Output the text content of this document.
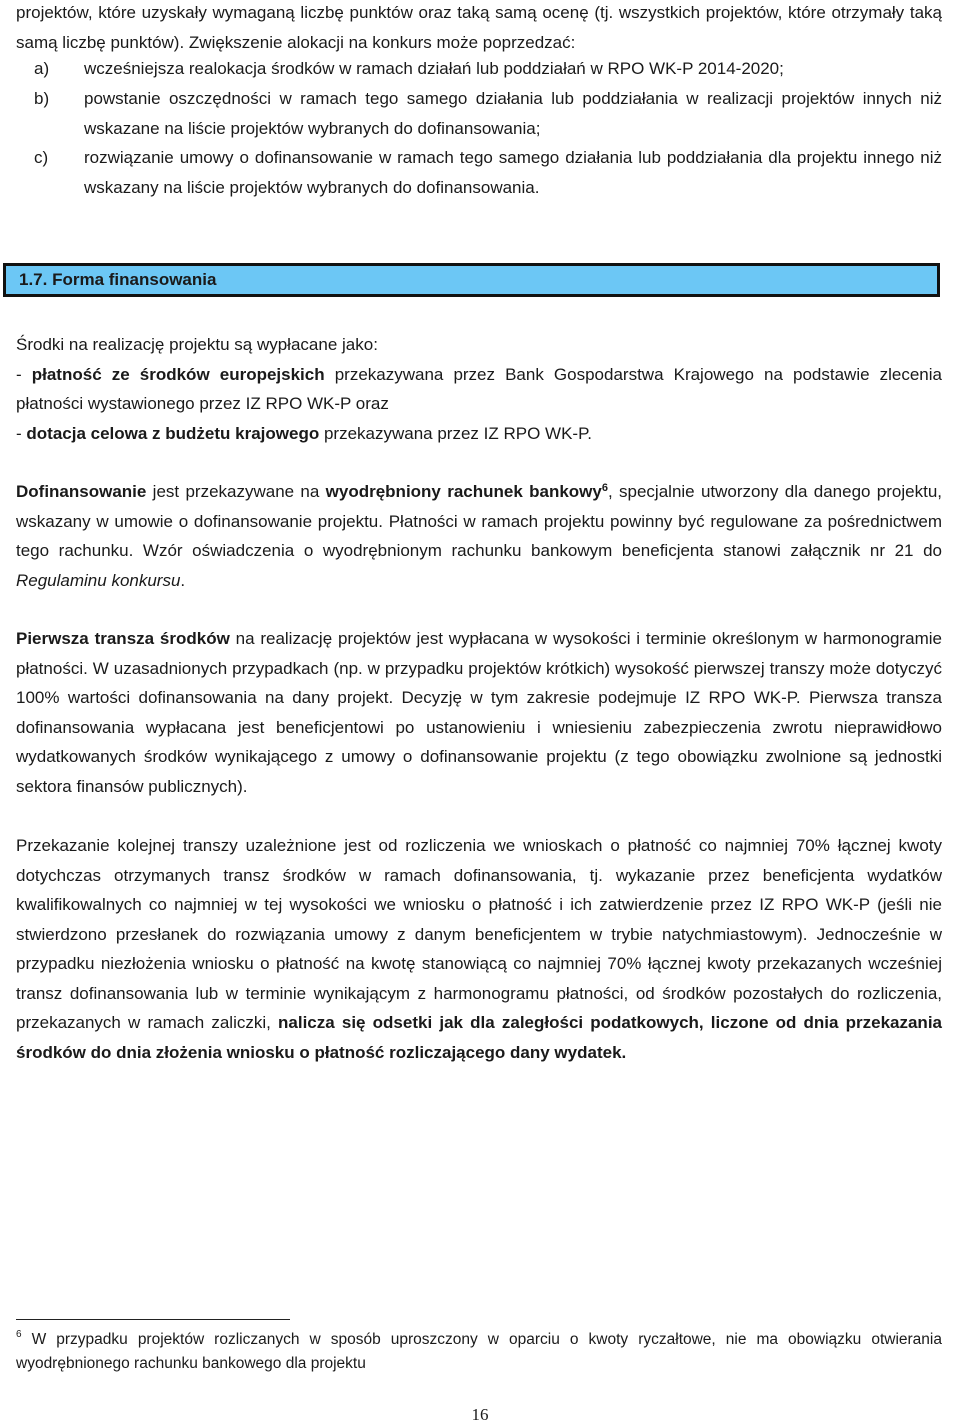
projektów, które uzyskały wymaganą liczbę punktów oraz taką samą ocenę (tj. wszystkich projektów, które otrzymały taką samą liczbę punktów). Zwiększenie alokacji na konkurs może poprzedzać:

a) wcześniejsza realokacja środków w ramach działań lub poddziałań w RPO WK-P 2014-2020;
b) powstanie oszczędności w ramach tego samego działania lub poddziałania w realizacji projektów innych niż wskazane na liście projektów wybranych do dofinansowania;
c) rozwiązanie umowy o dofinansowanie w ramach tego samego działania lub poddziałania dla projektu innego niż wskazany na liście projektów wybranych do dofinansowania.
1.7. Forma finansowania

Środki na realizację projektu są wypłacane jako:

- płatność ze środków europejskich przekazywana przez Bank Gospodarstwa Krajowego na podstawie zlecenia płatności wystawionego przez IZ RPO WK-P oraz

- dotacja celowa z budżetu krajowego przekazywana przez IZ RPO WK-P.

Dofinansowanie jest przekazywane na wyodrębniony rachunek bankowy$^6$, specjalnie utworzony dla danego projektu, wskazany w umowie o dofinansowanie projektu. Płatności w ramach projektu powinny być regulowane za pośrednictwem tego rachunku. Wzór oświadczenia o wyodrębnionym rachunku bankowym beneficjenta stanowi załącznik nr 21 do Regulaminu konkursu.

Pierwsza transza środków na realizację projektów jest wypłacana w wysokości i terminie określonym w harmonogramie płatności. W uzasadnionych przypadkach (np. w przypadku projektów krótkich) wysokość pierwszej transzy może dotyczyć 100% wartości dofinansowania na dany projekt. Decyzję w tym zakresie podejmuje IZ RPO WK-P. Pierwsza transza dofinansowania wypłacana jest beneficjentowi po ustanowieniu i wniesieniu zabezpieczenia zwrotu nieprawidłowo wydatkowanych środków wynikającego z umowy o dofinansowanie projektu (z tego obowiązku zwolnione są jednostki sektora finansów publicznych).

Przekazanie kolejnej transzy uzależnione jest od rozliczenia we wnioskach o płatność co najmniej 70% łącznej kwoty dotychczas otrzymanych transz środków w ramach dofinansowania, tj. wykazanie przez beneficjenta wydatków kwalifikowalnych co najmniej w tej wysokości we wniosku o płatność i ich zatwierdzenie przez IZ RPO WK-P (jeśli nie stwierdzono przesłanek do rozwiązania umowy z danym beneficjentem w trybie natychmiastowym). Jednocześnie w przypadku niezłożenia wniosku o płatność na kwotę stanowiącą co najmniej 70% łącznej kwoty przekazanych wcześniej transz dofinansowania lub w terminie wynikającym z harmonogramu płatności, od środków pozostałych do rozliczenia, przekazanych w ramach zaliczki, nalicza się odsetki jak dla zaległości podatkowych, liczone od dnia przekazania środków do dnia złożenia wniosku o płatność rozliczającego dany wydatek.

$^6$ W przypadku projektów rozliczanych w sposób uproszczony w oparciu o kwoty ryczałtowe, nie ma obowiązku otwierania wyodrębnionego rachunku bankowego dla projektu
16
